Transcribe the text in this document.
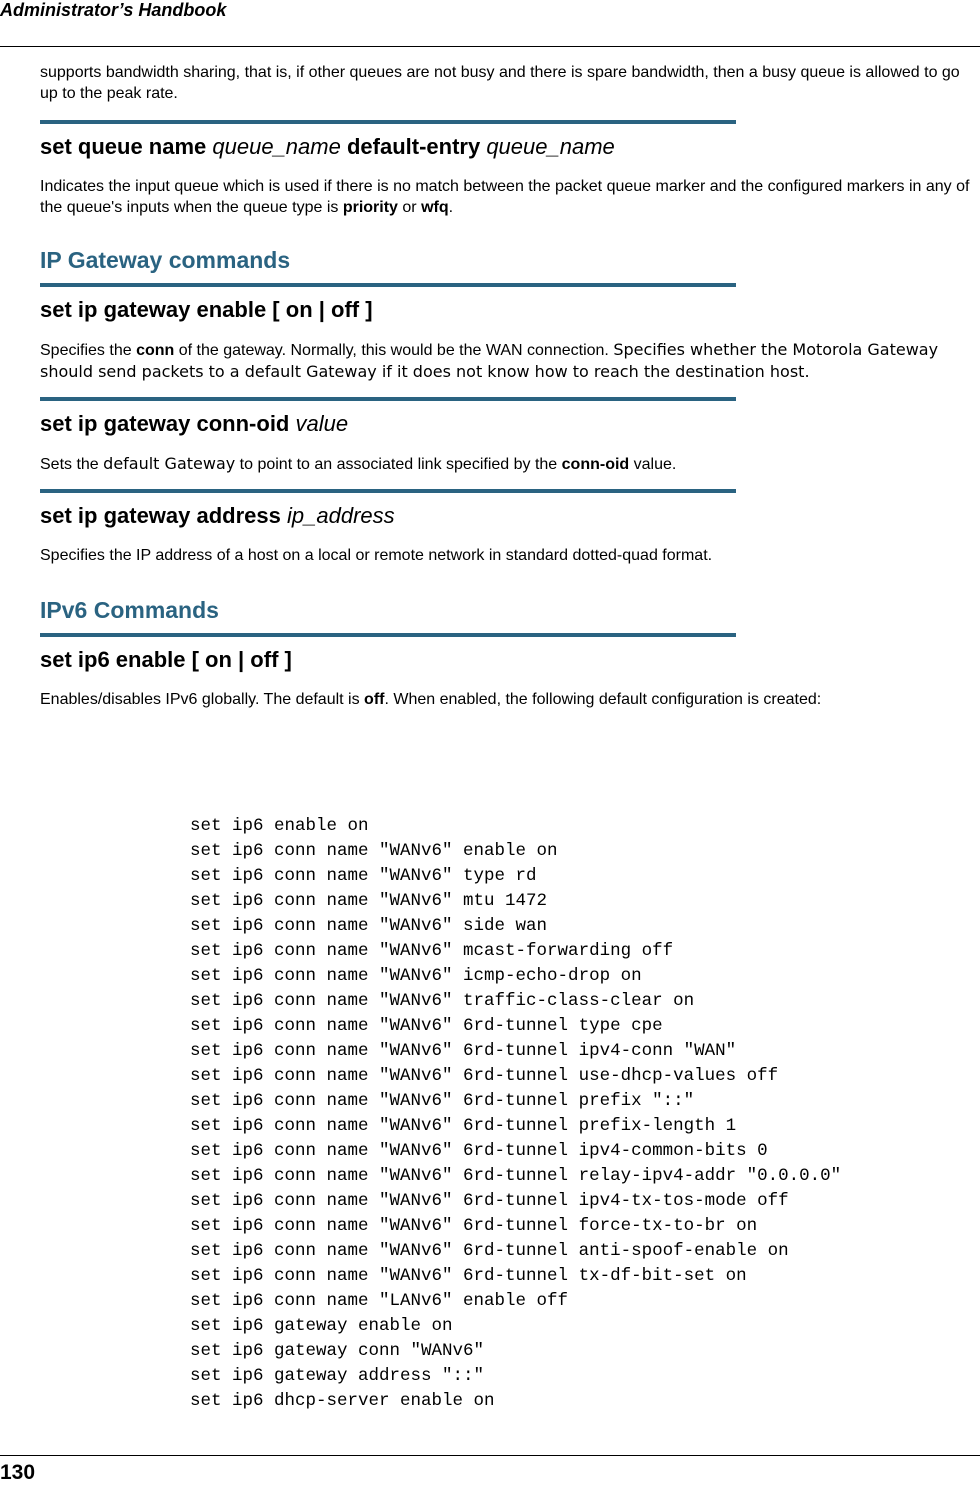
Administrator’s Handbook

supports bandwidth sharing, that is, if other queues are not busy and there is spare bandwidth, then a busy queue is allowed to go up to the peak rate.

set queue name queue_name default-entry queue_name

Indicates the input queue which is used if there is no match between the packet queue marker and the configured markers in any of the queue's inputs when the queue type is priority or wfq.

IP Gateway commands
set ip gateway enable [ on | off ]

Specifies the conn of the gateway. Normally, this would be the WAN connection. Specifies whether the Motorola Gateway should send packets to a default Gateway if it does not know how to reach the destination host.

set ip gateway conn-oid value

Sets the default Gateway to point to an associated link specified by the conn-oid value.

set ip gateway address ip_address

Specifies the IP address of a host on a local or remote network in standard dotted-quad format.

IPv6 Commands
set ip6 enable [ on | off ]

Enables/disables IPv6 globally. The default is off. When enabled, the following default configuration is created:

set ip6 enable on
set ip6 conn name "WANv6" enable on
set ip6 conn name "WANv6" type rd
set ip6 conn name "WANv6" mtu 1472
set ip6 conn name "WANv6" side wan
set ip6 conn name "WANv6" mcast-forwarding off
set ip6 conn name "WANv6" icmp-echo-drop on
set ip6 conn name "WANv6" traffic-class-clear on
set ip6 conn name "WANv6" 6rd-tunnel type cpe
set ip6 conn name "WANv6" 6rd-tunnel ipv4-conn "WAN"
set ip6 conn name "WANv6" 6rd-tunnel use-dhcp-values off
set ip6 conn name "WANv6" 6rd-tunnel prefix "::"
set ip6 conn name "WANv6" 6rd-tunnel prefix-length 1
set ip6 conn name "WANv6" 6rd-tunnel ipv4-common-bits 0
set ip6 conn name "WANv6" 6rd-tunnel relay-ipv4-addr "0.0.0.0"
set ip6 conn name "WANv6" 6rd-tunnel ipv4-tx-tos-mode off
set ip6 conn name "WANv6" 6rd-tunnel force-tx-to-br on
set ip6 conn name "WANv6" 6rd-tunnel anti-spoof-enable on
set ip6 conn name "WANv6" 6rd-tunnel tx-df-bit-set on
set ip6 conn name "LANv6" enable off
set ip6 gateway enable on
set ip6 gateway conn "WANv6"
set ip6 gateway address "::"
set ip6 dhcp-server enable on
130
